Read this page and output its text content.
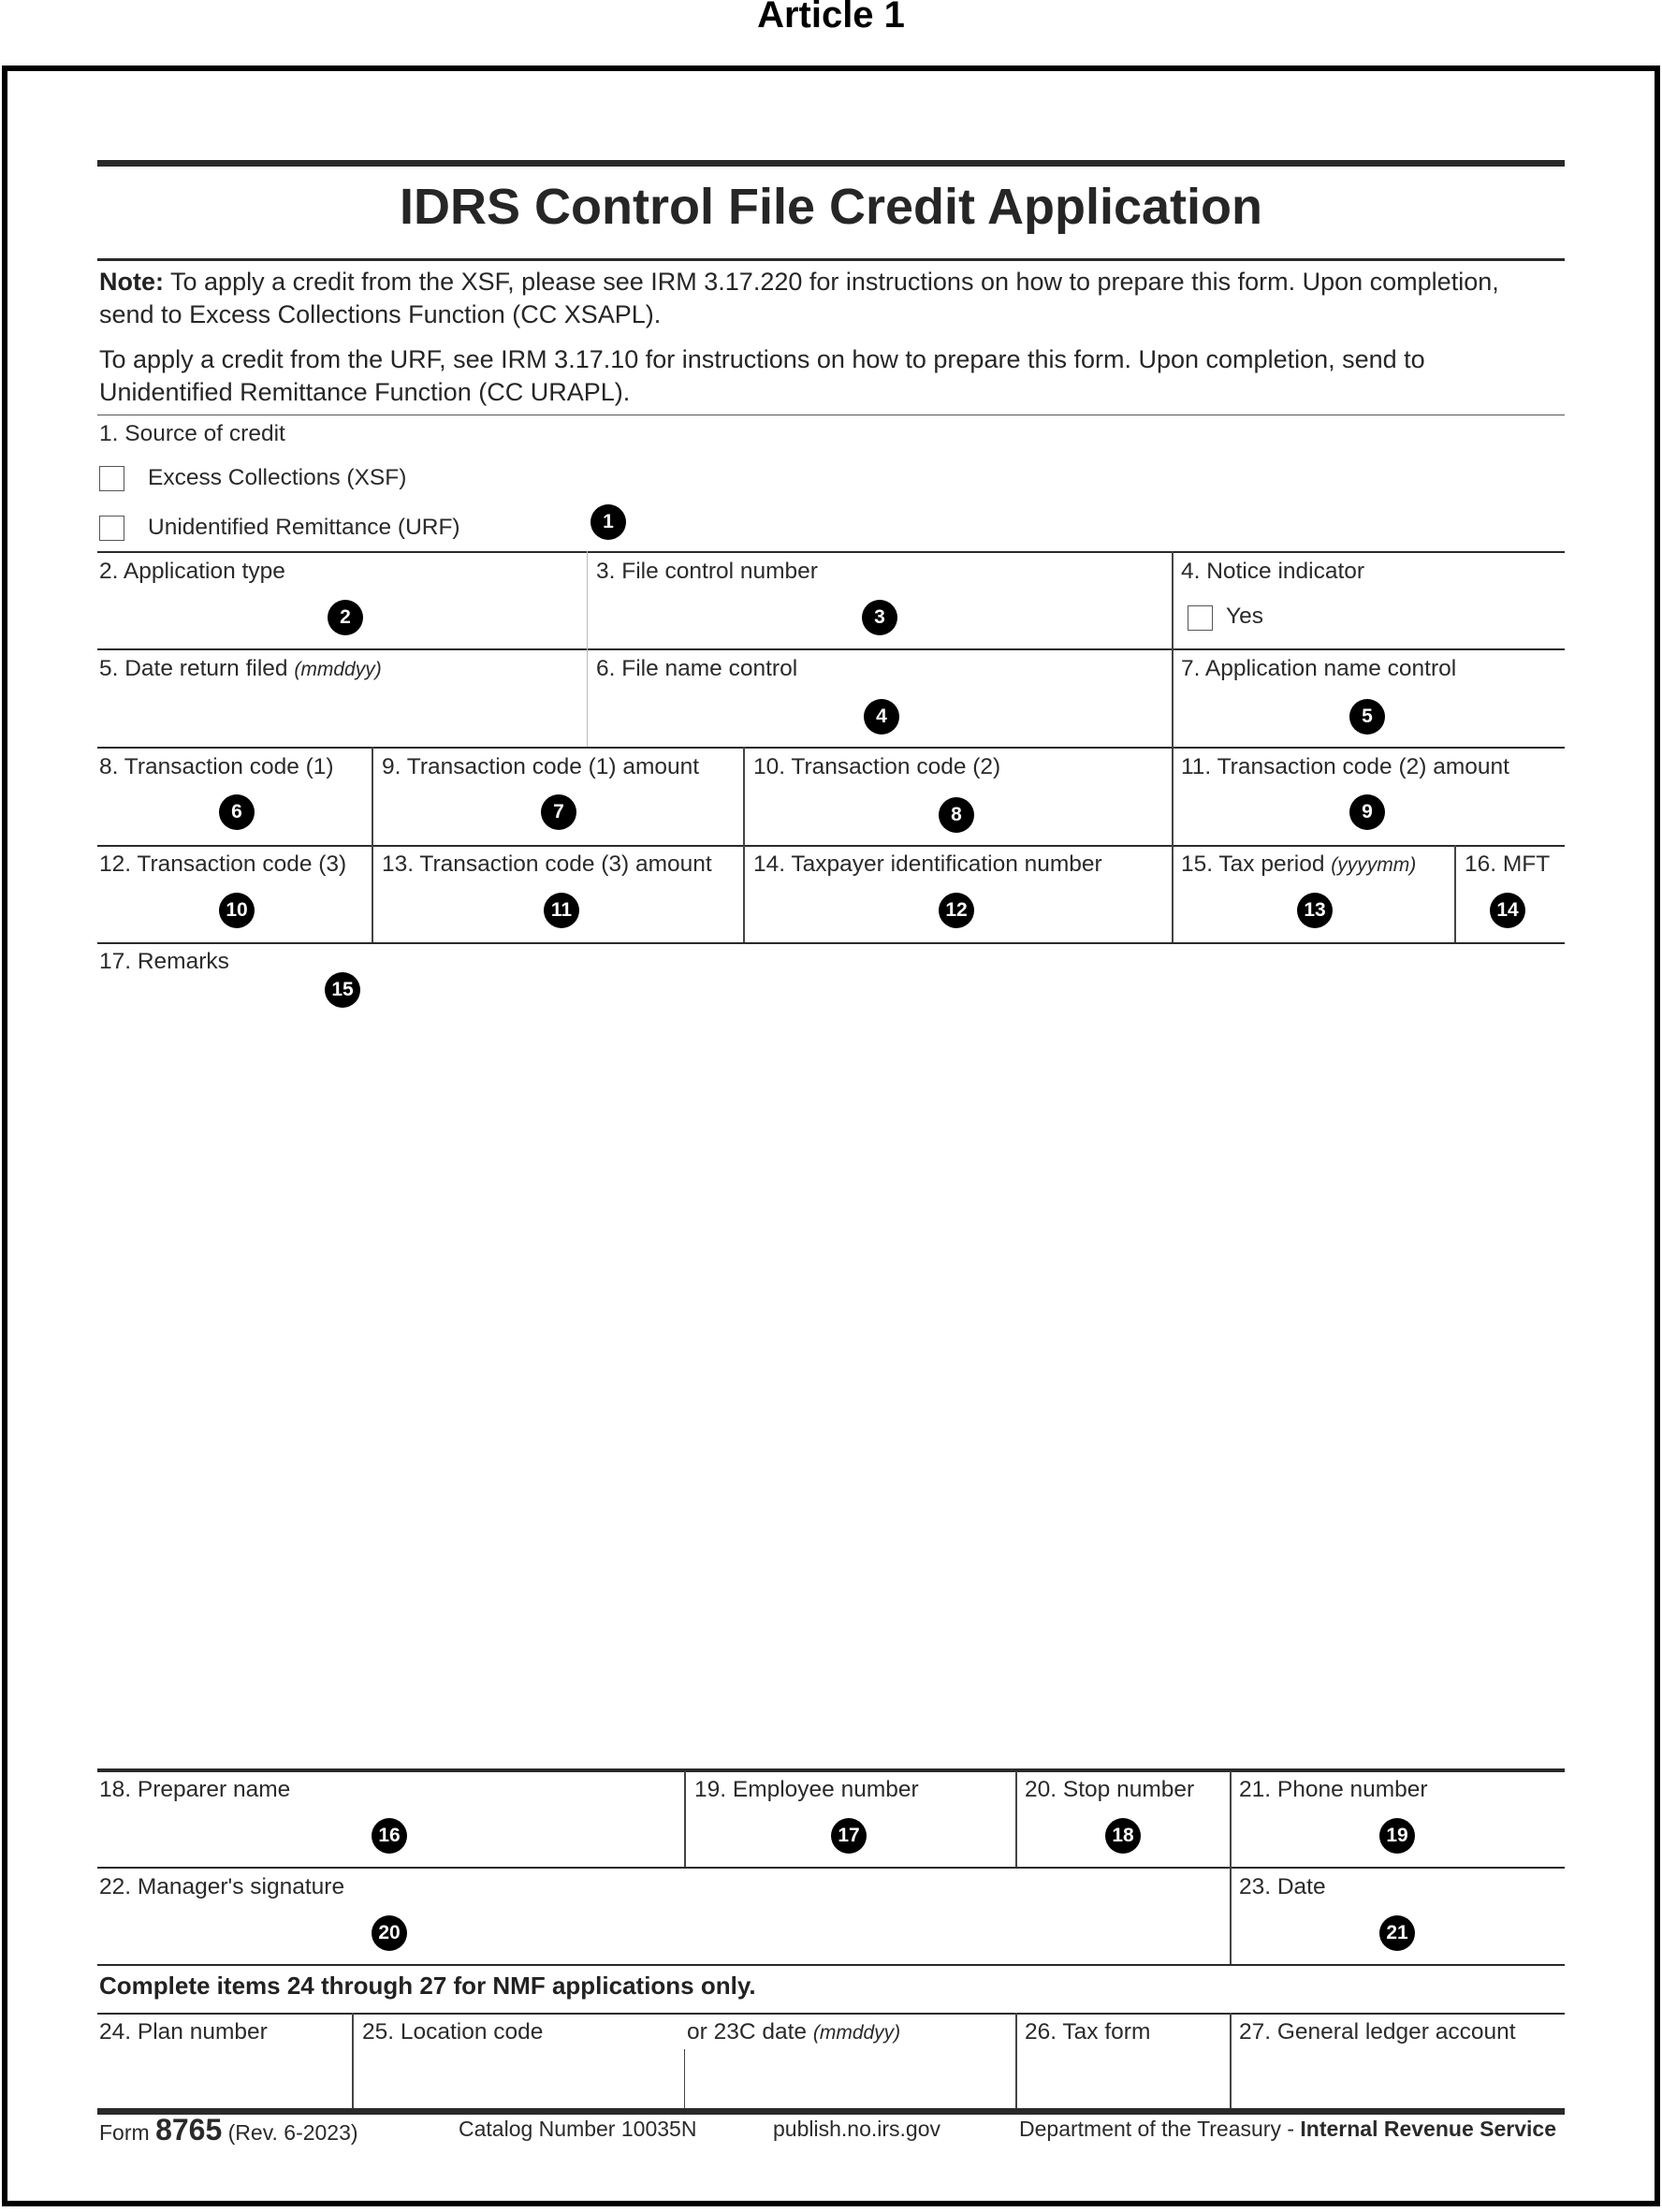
Article 1
IDRS Control File Credit Application
Note: To apply a credit from the XSF, please see IRM 3.17.220 for instructions on how to prepare this form. Upon completion, send to Excess Collections Function (CC XSAPL).
To apply a credit from the URF, see IRM 3.17.10 for instructions on how to prepare this form. Upon completion, send to Unidentified Remittance Function (CC URAPL).
1. Source of credit
Excess Collections (XSF)
Unidentified Remittance (URF)	1
2. Application type	3. File control number	4. Notice indicator
Yes
2	3
5. Date return filed (mmddyy)	6. File name control	7. Application name control
4	5
8. Transaction code (1) 9. Transaction code (1) amount 10. Transaction code (2)	11. Transaction code (2) amount
6	7	8	9
12. Transaction code (3) 13. Transaction code (3) amount 14. Taxpayer identification number	15. Tax period (yyyymm) 16. MFT
10	11	12	13	14
17. Remarks
15
18. Preparer name	19. Employee number	20. Stop number 21. Phone number
16	17	18	19
22. Manager's signature	23. Date
20	21
Complete items 24 through 27 for NMF applications only.
24. Plan number	25. Location code	or 23C date (mmddyy)	26. Tax form	27. General ledger account
Form 8765 (Rev. 6-2023)	Catalog Number 10035N	publish.no.irs.gov	Department of the Treasury - Internal Revenue Service
